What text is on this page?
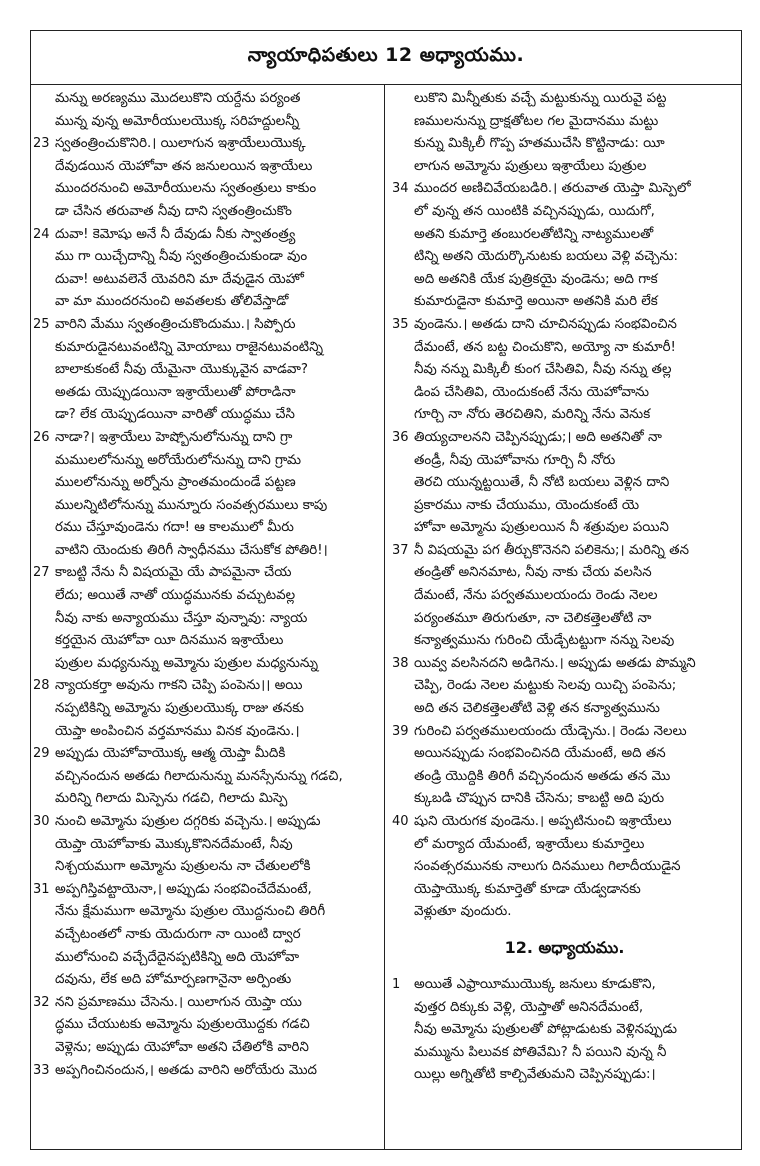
న్యాయాధిపతులు 12 అధ్యాయము.
మన్ను అరణ్యము మొదలుకొని యర్దేను పర్యంత
మున్న వున్న అమోరీయులయొక్క సరిహద్దులన్నీ
23 స్వతంత్రించుకొనిరి.। యిలాగున ఇశ్రాయేలుయొక్క
దేవుడయిన యెహోవా తన జనులయిన ఇశ్రాయేలు
ముందరనుంచి అమోరీయులను స్వతంత్రులు కాకుం
డా చేసిన తరువాత నీవు దాని స్వతంత్రించుకొం
24 దువా! కెమోషు అనే నీ దేవుడు నీకు స్వాతంత్ర్య
ము గా యిచ్చేదాన్ని నీవు స్వతంత్రించుకుండా వుం
దువా! అటువలెనే యెవరిని మా దేవుడైన యెహో
వా మా ముందరనుంచి అవతలకు తోలివేస్తాడో
25 వారిని మేము స్వతంత్రించుకొందుము.। సిప్పోరు
కుమారుడైనటువంటిన్ని మోయాబు రాజైనటువంటిన్ని
బాలాకుకంటే నీవు యేమైనా యొక్కువైన వాడవా?
అతడు యెప్పుడయినా ఇశ్రాయేలుతో పోరాడినా
డా? లేక యెప్పుడయినా వారితో యుద్ధము చేసి
26 నాడా?। ఇశ్రాయేలు హెష్బోనులోనున్ను దాని గ్రా
మములలోనున్ను అరోయేరులోనున్ను దాని గ్రామ
ములలోనున్ను అర్నోను ప్రాంతమందుండే పట్టణ
ములన్నిటిలోనున్ను మున్నూరు సంవత్సరములు కాపు
రము చేస్తూవుండెను గదా! ఆ కాలములో మీరు
వాటిని యెందుకు తిరిగీ స్వాధీనము చేసుకోక పోతిరి!।
27 కాబట్టి నేను నీ విషయమై యే పాపమైనా చేయ
లేదు; అయితే నాతో యుద్ధమునకు వచ్చుటవల్ల
నీవు నాకు అన్యాయము చేస్తూ వున్నావు: న్యాయ
కర్తయైన యెహోవా యీ దినమున ఇశ్రాయేలు
పుత్రుల మధ్యనున్ను అమ్మోను పుత్రుల మధ్యనున్ను
28 న్యాయకర్తా అవును గాకని చెప్పి పంపెను।। అయి
నప్పటికిన్ని అమ్మోను పుత్రులయొక్క రాజు తనకు
యెప్తా అంపించిన వర్తమానము వినక వుండెను.।
29 అప్పుడు యెహోవాయొక్క ఆత్మ యెప్తా మీదికి
వచ్చినందున అతడు గిలాదునున్ను మనస్సేనున్ను గడచి,
మరిన్ని గిలాదు మిస్పెను గడచి, గిలాదు మిస్పె
30 నుంచి అమ్మోను పుత్రుల దగ్గరికు వచ్చెను.। అప్పుడు
యెప్తా యెహోవాకు మొక్కుకొనినదేమంటే, నీవు
నిశ్చయముగా అమ్మోను పుత్రులను నా చేతులలోకి
31 అప్పగిస్తివట్టాయెనా,। అప్పుడు సంభవించేదేమంటే,
నేను క్షేమముగా అమ్మోను పుత్రుల యొద్దనుంచి తిరిగీ
వచ్చేటంతలో నాకు యెదురుగా నా యింటి ద్వార
ములోనుంచి వచ్చేదేదైనప్పటికిన్ని అది యెహోవా
దవును, లేక అది హోమార్పణగానైనా అర్పింతు
32 నని ప్రమాణము చేసెను.। యిలాగున యెప్తా యు
ద్ధము చేయుటకు అమ్మోను పుత్రులయొద్దకు గడచి
వెళ్లెను; అప్పుడు యెహోవా అతని చేతిలోకి వారిని
33 అప్పగించినందున,। అతడు వారిని అరోయేరు మొద
లుకొని మిన్నీతుకు వచ్చే మట్టుకున్ను యిరువై పట్ట
ణములనున్ను ద్రాక్షతోటల గల మైదానము మట్టు
కున్ను మిక్కిలీ గొప్ప హతముచేసి కొట్టినాడు: యీ
లాగున అమ్మోను పుత్రులు ఇశ్రాయేలు పుత్రుల
34 ముందర అణిచివేయబడిరి.। తరువాత యెప్తా మిస్పెలో
లో వున్న తన యింటికి వచ్చినప్పుడు, యిదుగో,
అతని కుమార్తె తంబురలతోటిన్ని నాట్యములతో
టిన్ని అతని యెదుర్కొనుటకు బయలు వెళ్లి వచ్చెను:
అది అతనికి యేక పుత్రికయై వుండెను; అది గాక
కుమారుడైనా కుమార్తె అయినా అతనికి మరి లేక
35 వుండెను.। అతడు దాని చూచినప్పుడు సంభవించిన
దేమంటే, తన బట్ట చించుకొని, అయ్యో నా కుమారీ!
నీవు నన్ను మిక్కిలీ కుంగ చేసితివి, నీవు నన్ను తల్ల
డింప చేసితివి, యెందుకంటే నేను యెహోవాను
గూర్చి నా నోరు తెరచితిని, మరిన్ని నేను వెనుక
36 తియ్యచాలనని చెప్పినప్పుడు;। అది అతనితో నా
తండ్రీ, నీవు యెహోవాను గూర్చి నీ నోరు
తెరచి యున్నట్టయితే, నీ నోటి బయలు వెళ్లిన దాని
ప్రకారము నాకు చేయుము, యెందుకంటే యె
హోవా అమ్మోను పుత్రులయిన నీ శత్రువుల పయిని
37 నీ విషయమై పగ తీర్చుకొనెనని పలికెను;। మరిన్ని తన
తండ్రితో అనినమాట, నీవు నాకు చేయ వలసిన
దేమంటే, నేను పర్వతములయందు రెండు నెలల
పర్యంతమూ తిరుగుతూ, నా చెలికత్తెలతోటి నా
కన్యాత్వమును గురించి యేడ్చేటట్టుగా నన్ను సెలవు
38 యివ్వ వలసినదని అడిగెను.। అప్పుడు అతడు పొమ్మని
చెప్పి, రెండు నెలల మట్టుకు సెలవు యిచ్చి పంపెను;
అది తన చెలికత్తెలతోటి వెళ్లి తన కన్యాత్వమును
39 గురించి పర్వతములయందు యేడ్చెను.। రెండు నెలలు
అయినప్పుడు సంభవించినది యేమంటే, అది తన
తండ్రి యొద్దికి తిరిగీ వచ్చినందున అతడు తన మొ
క్కుబడి చొప్పున దానికి చేసెను; కాబట్టి అది పురు
40 షుని యెరుగక వుండెను.। అప్పటినుంచి ఇశ్రాయేలు
లో మర్యాద యేమంటే, ఇశ్రాయేలు కుమార్తెలు
సంవత్సరమునకు నాలుగు దినములు గిలాదీయుడైన
యెప్తాయొక్క కుమార్తెతో కూడా యేడ్వడానకు
వెళ్లుతూ వుందురు.
12. అధ్యాయము.
1 అయితే ఎఫ్రాయీముయొక్క జనులు కూడుకొని,
వుత్తర దిక్కుకు వెళ్లి, యెప్తాతో అనినదేమంటే,
నీవు అమ్మోను పుత్రులతో పోట్లాడుటకు వెళ్లినప్పుడు
మమ్మును పిలువక పోతివేమి? నీ పయిని వున్న నీ
యిల్లు అగ్నితోటి కాల్చివేతుమని చెప్పినప్పుడు:।
